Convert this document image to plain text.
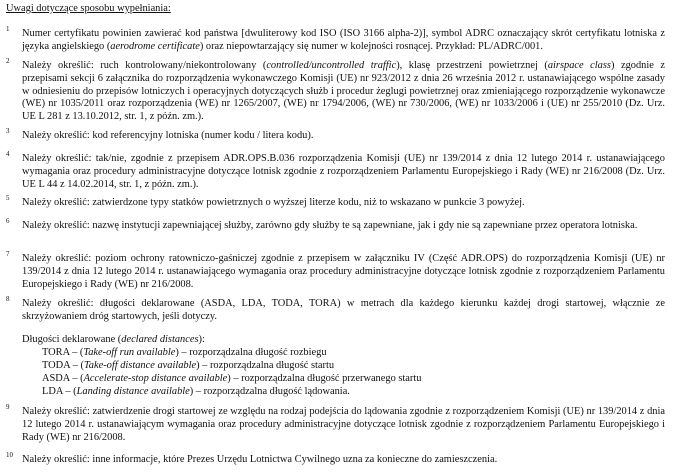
Uwagi dotyczące sposobu wypełniania:
1 Numer certyfikatu powinien zawierać kod państwa [dwuliterowy kod ISO (ISO 3166 alpha-2)], symbol ADRC oznaczający skrót certyfikatu lotniska z języka angielskiego (aerodrome certificate) oraz niepowtarzający się numer w kolejności rosnącej. Przykład: PL/ADRC/001.
2 Należy określić: ruch kontrolowany/niekontrolowany (controlled/uncontrolled traffic), klasę przestrzeni powietrznej (airspace class) zgodnie z przepisami sekcji 6 załącznika do rozporządzenia wykonawczego Komisji (UE) nr 923/2012 z dnia 26 września 2012 r. ustanawiającego wspólne zasady w odniesieniu do przepisów lotniczych i operacyjnych dotyczących służb i procedur żeglugi powietrznej oraz zmieniającego rozporządzenie wykonawcze (WE) nr 1035/2011 oraz rozporządzenia (WE) nr 1265/2007, (WE) nr 1794/2006, (WE) nr 730/2006, (WE) nr 1033/2006 i (UE) nr 255/2010 (Dz. Urz. UE L 281 z 13.10.2012, str. 1, z późn. zm.).
3 Należy określić: kod referencyjny lotniska (numer kodu / litera kodu).
4 Należy określić: tak/nie, zgodnie z przepisem ADR.OPS.B.036 rozporządzenia Komisji (UE) nr 139/2014 z dnia 12 lutego 2014 r. ustanawiającego wymagania oraz procedury administracyjne dotyczące lotnisk zgodnie z rozporządzeniem Parlamentu Europejskiego i Rady (WE) nr 216/2008 (Dz. Urz. UE L 44 z 14.02.2014, str. 1, z późn. zm.).
5 Należy określić: zatwierdzone typy statków powietrznych o wyższej literze kodu, niż to wskazano w punkcie 3 powyżej.
6 Należy określić: nazwę instytucji zapewniającej służby, zarówno gdy służby te są zapewniane, jak i gdy nie są zapewniane przez operatora lotniska.
7 Należy określić: poziom ochrony ratowniczo-gaśniczej zgodnie z przepisem w załączniku IV (Część ADR.OPS) do rozporządzenia Komisji (UE) nr 139/2014 z dnia 12 lutego 2014 r. ustanawiającego wymagania oraz procedury administracyjne dotyczące lotnisk zgodnie z rozporządzeniem Parlamentu Europejskiego i Rady (WE) nr 216/2008.
8 Należy określić: długości deklarowane (ASDA, LDA, TODA, TORA) w metrach dla każdego kierunku każdej drogi startowej, włącznie ze skrzyżowaniem dróg startowych, jeśli dotyczy.
Długości deklarowane (declared distances):
TORA – (Take-off run available) – rozporządzalna długość rozbiegu
TODA – (Take-off distance available) – rozporządzalna długość startu
ASDA – (Accelerate-stop distance available) – rozporządzalna długość przerwanego startu
LDA – (Landing distance available) – rozporządzalna długość lądowania.
9 Należy określić: zatwierdzenie drogi startowej ze względu na rodzaj podejścia do lądowania zgodnie z rozporządzeniem Komisji (UE) nr 139/2014 z dnia 12 lutego 2014 r. ustanawiającym wymagania oraz procedury administracyjne dotyczące lotnisk zgodnie z rozporządzeniem Parlamentu Europejskiego i Rady (WE) nr 216/2008.
10 Należy określić: inne informacje, które Prezes Urzędu Lotnictwa Cywilnego uzna za konieczne do zamieszczenia.
